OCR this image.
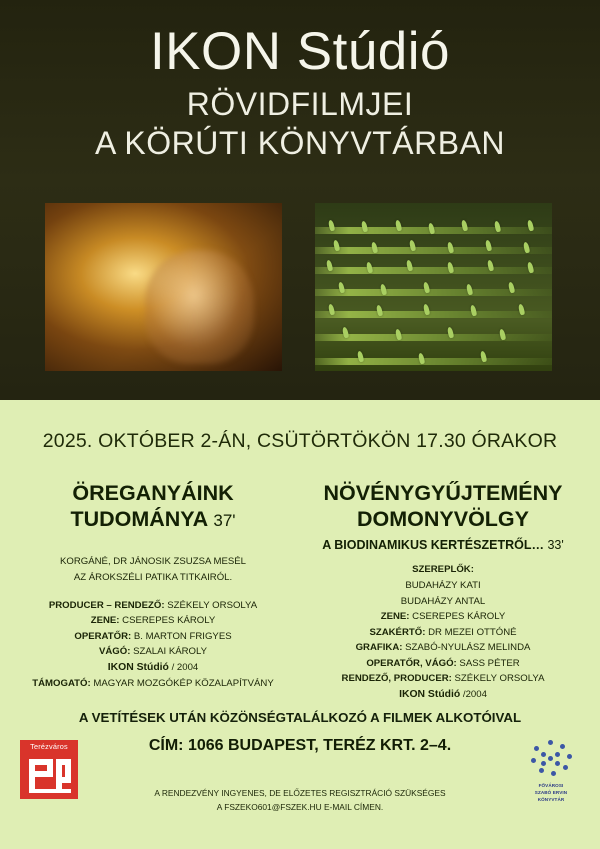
IKON Stúdió
RÖVIDFILMJEI
A KÖRÚTI KÖNYVTÁRBAN
2025. OKTÓBER 2-ÁN, CSÜTÖRTÖKÖN 17.30 ÓRAKOR
ÖREGANYÁINK
TUDOMÁNYA 37'
KORGÁNÉ, DR JÁNOSIK ZSUZSA MESÉL
AZ ÁROKSZÉLI PATIKA TITKAIRÓL.
PRODUCER – RENDEZŐ: SZÉKELY ORSOLYA
ZENE: CSEREPES KÁROLY
OPERATŐR: B. MARTON FRIGYES
VÁGÓ: SZALAI KÁROLY
IKON Stúdió / 2004
TÁMOGATÓ: MAGYAR MOZGÓKÉP KÖZALAPÍTVÁNY
NÖVÉNYGYŰJTEMÉNY
DOMONYVÖLGY
A BIODINAMIKUS KERTÉSZETRŐL… 33'
SZEREPLŐK:
BUDAHÁZY KATI
BUDAHÁZY ANTAL
ZENE: CSEREPES KÁROLY
SZAKÉRTŐ: DR MEZEI OTTÓNÉ
GRAFIKA: SZABÓ-NYULÁSZ MELINDA
OPERATŐR, VÁGÓ: SASS PÉTER
RENDEZŐ, PRODUCER: SZÉKELY ORSOLYA
IKON Stúdió /2004
A VETÍTÉSEK UTÁN KÖZÖNSÉGTALÁLKOZÓ A FILMEK ALKOTÓIVAL
CÍM: 1066 BUDAPEST, TERÉZ KRT. 2–4.
A RENDEZVÉNY INGYENES, DE ELŐZETES REGISZTRÁCIÓ SZÜKSÉGES
A FSZEKO601@FSZEK.HU E-MAIL CÍMEN.
Terézváros
FŐVÁROSI
SZABÓ ERVIN
KÖNYVTÁR
